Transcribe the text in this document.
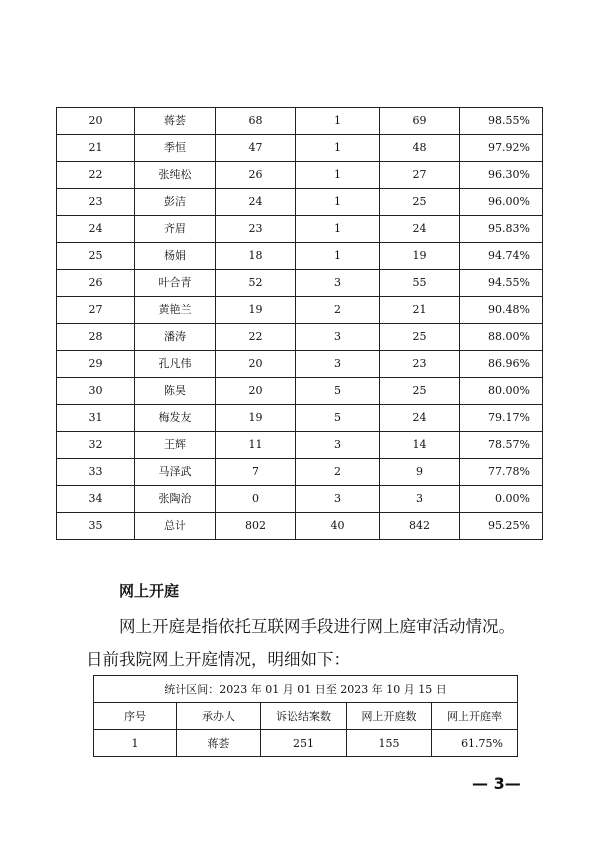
20	蒋荟	68	1	69	98.55%
21	季恒	47	1	48	97.92%
22	张纯松	26	1	27	96.30%
23	彭洁	24	1	25	96.00%
24	齐眉	23	1	24	95.83%
25	杨娟	18	1	19	94.74%
26	叶合青	52	3	55	94.55%
27	黄艳兰	19	2	21	90.48%
28	潘涛	22	3	25	88.00%
29	孔凡伟	20	3	23	86.96%
30	陈昊	20	5	25	80.00%
31	梅发友	19	5	24	79.17%
32	王辉	11	3	14	78.57%
33	马泽武	7	2	9	77.78%
34	张陶治	0	3	3	0.00%
35	总计	802	40	842	95.25%
网上开庭

网上开庭是指依托互联网手段进行网上庭审活动情况。日前我院网上开庭情况，明细如下：

统计区间：2023 年 01 月 01 日至 2023 年 10 月 15 日				
序号	承办人	诉讼结案数	网上开庭数	网上开庭率
1	蒋荟	251	155	61.75%
— 3—
